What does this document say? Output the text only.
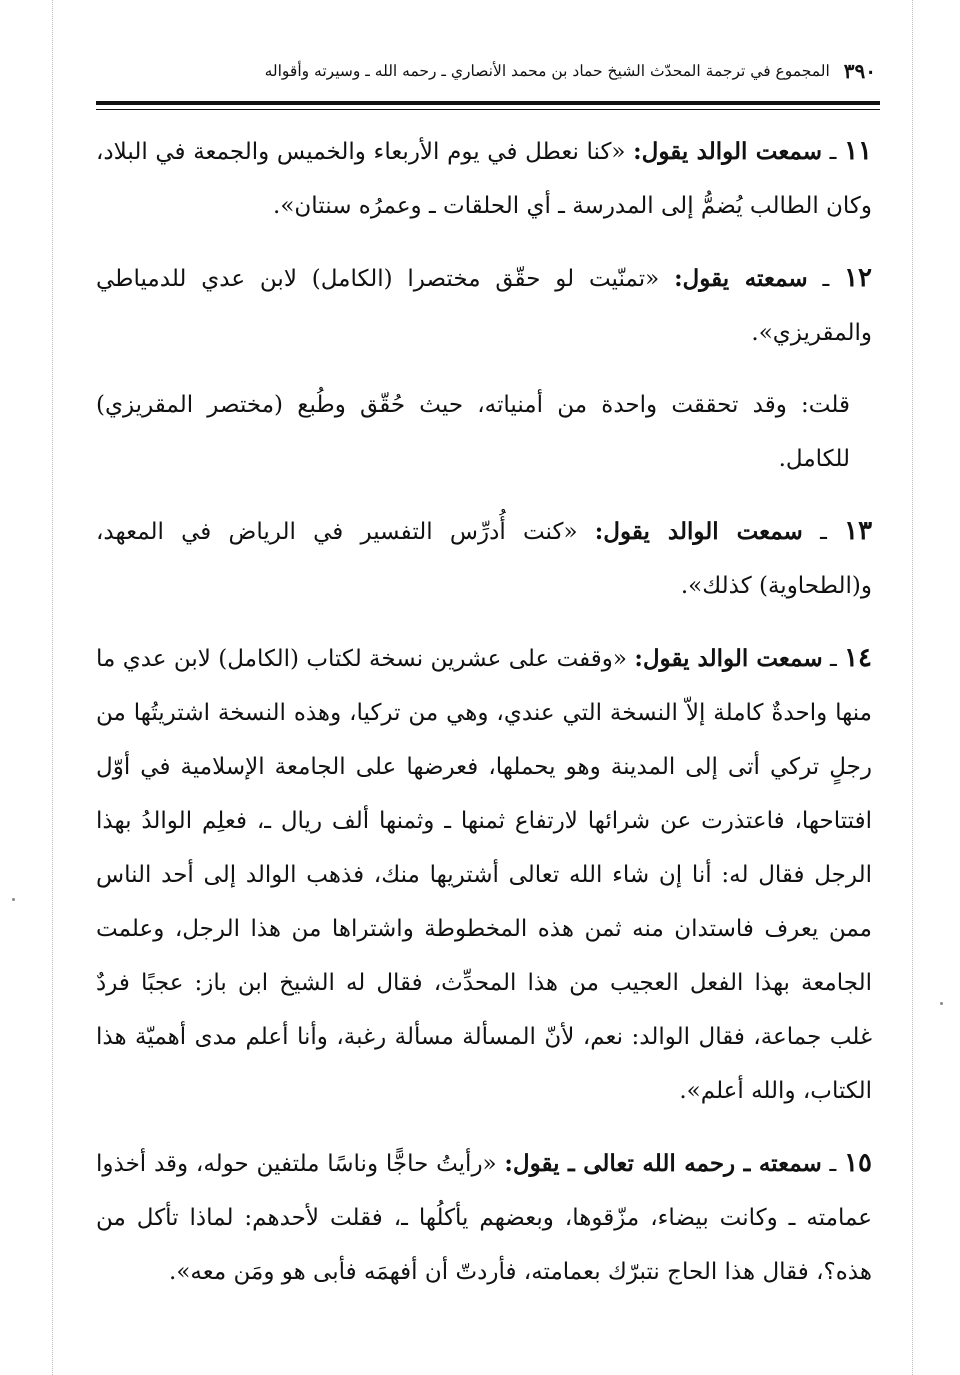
٣٩٠
المجموع في ترجمة المحدّث الشيخ حماد بن محمد الأنصاري ـ رحمه الله ـ وسيرته وأقواله

١١ ـ سمعت الوالد يقول: «كنا نعطل في يوم الأربعاء والخميس والجمعة في البلاد، وكان الطالب يُضمُّ إلى المدرسة ـ أي الحلقات ـ وعمرُه سنتان».

١٢ ـ سمعته يقول: «تمنّيت لو حقّق مختصرا (الكامل) لابن عدي للدمياطي والمقريزي».

قلت: وقد تحققت واحدة من أمنياته، حيث حُقّق وطُبع (مختصر المقريزي) للكامل.

١٣ ـ سمعت الوالد يقول: «كنت أُدرِّس التفسير في الرياض في المعهد، و(الطحاوية) كذلك».

١٤ ـ سمعت الوالد يقول: «وقفت على عشرين نسخة لكتاب (الكامل) لابن عدي ما منها واحدةٌ كاملة إلاّ النسخة التي عندي، وهي من تركيا، وهذه النسخة اشتريتُها من رجلٍ تركي أتى إلى المدينة وهو يحملها، فعرضها على الجامعة الإسلامية في أوّل افتتاحها، فاعتذرت عن شرائها لارتفاع ثمنها ـ وثمنها ألف ريال ـ، فعلِم الوالدُ بهذا الرجل فقال له: أنا إن شاء الله تعالى أشتريها منك، فذهب الوالد إلى أحد الناس ممن يعرف فاستدان منه ثمن هذه المخطوطة واشتراها من هذا الرجل، وعلمت الجامعة بهذا الفعل العجيب من هذا المحدِّث، فقال له الشيخ ابن باز: عجبًا فردٌ غلب جماعة، فقال الوالد: نعم، لأنّ المسألة مسألة رغبة، وأنا أعلم مدى أهميّة هذا الكتاب، والله أعلم».

١٥ ـ سمعته ـ رحمه الله تعالى ـ يقول: «رأيتُ حاجًّا وناسًا ملتفين حوله، وقد أخذوا عمامته ـ وكانت بيضاء، مزّقوها، وبعضهم يأكلُها ـ، فقلت لأحدهم: لماذا تأكل من هذه؟، فقال هذا الحاج نتبرّك بعمامته، فأردتّ أن أفهمَه فأبى هو ومَن معه».
